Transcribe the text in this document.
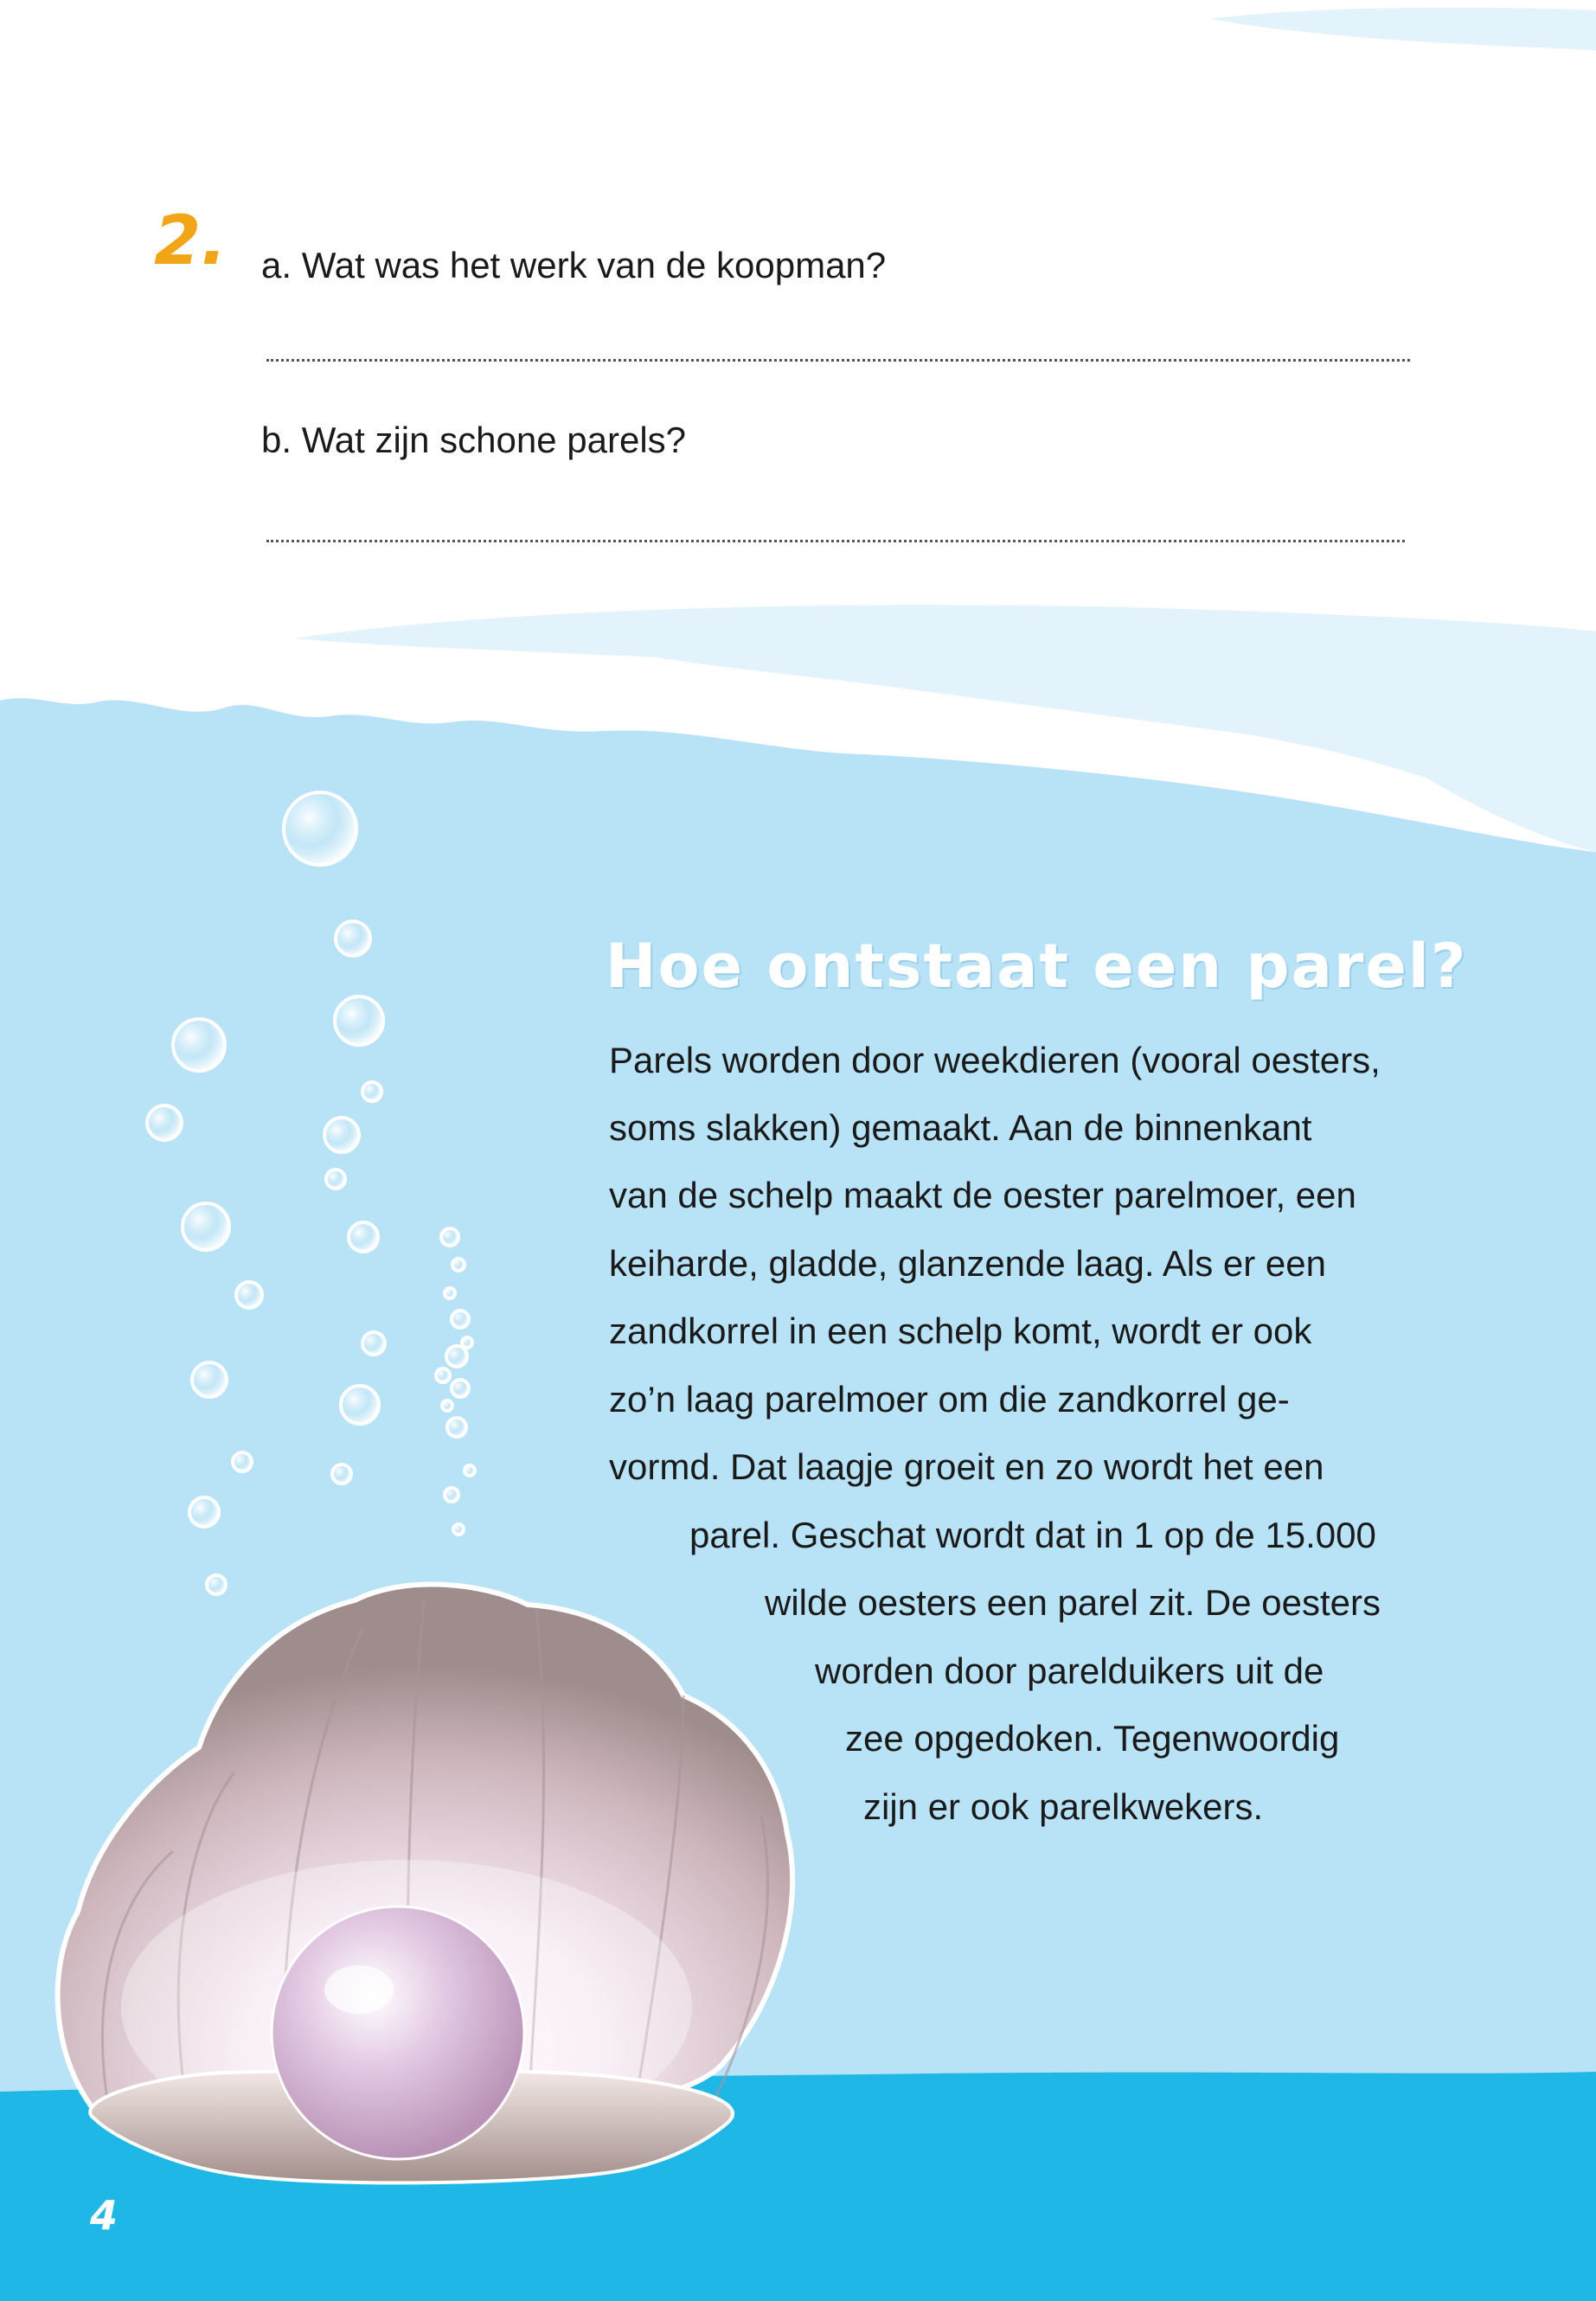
2. a. Wat was het werk van de koopman?
b. Wat zijn schone parels?
Hoe ontstaat een parel?
Parels worden door weekdieren (vooral oesters,
soms slakken) gemaakt. Aan de binnenkant
van de schelp maakt de oester parelmoer, een
keiharde, gladde, glanzende laag. Als er een
zandkorrel in een schelp komt, wordt er ook
zo’n laag parelmoer om die zandkorrel ge-
vormd. Dat laagje groeit en zo wordt het een
parel. Geschat wordt dat in 1 op de 15.000
wilde oesters een parel zit. De oesters
worden door parelduikers uit de
zee opgedoken. Tegenwoordig
zijn er ook parelkwekers.
4
